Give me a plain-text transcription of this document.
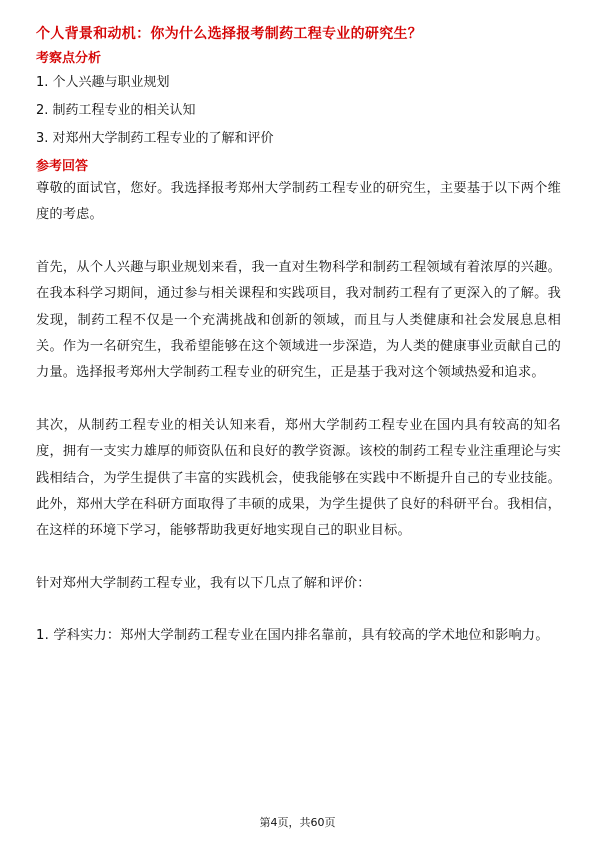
个人背景和动机：你为什么选择报考制药工程专业的研究生？
考察点分析
1. 个人兴趣与职业规划
2. 制药工程专业的相关认知
3. 对郑州大学制药工程专业的了解和评价
参考回答

尊敬的面试官，您好。我选择报考郑州大学制药工程专业的研究生，主要基于以下两个维度的考虑。

首先，从个人兴趣与职业规划来看，我一直对生物科学和制药工程领域有着浓厚的兴趣。在我本科学习期间，通过参与相关课程和实践项目，我对制药工程有了更深入的了解。我发现，制药工程不仅是一个充满挑战和创新的领域，而且与人类健康和社会发展息息相关。作为一名研究生，我希望能够在这个领域进一步深造，为人类的健康事业贡献自己的力量。选择报考郑州大学制药工程专业的研究生，正是基于我对这个领域热爱和追求。

其次，从制药工程专业的相关认知来看，郑州大学制药工程专业在国内具有较高的知名度，拥有一支实力雄厚的师资队伍和良好的教学资源。该校的制药工程专业注重理论与实践相结合，为学生提供了丰富的实践机会，使我能够在实践中不断提升自己的专业技能。此外，郑州大学在科研方面取得了丰硕的成果，为学生提供了良好的科研平台。我相信，在这样的环境下学习，能够帮助我更好地实现自己的职业目标。

针对郑州大学制药工程专业，我有以下几点了解和评价：

1. 学科实力：郑州大学制药工程专业在国内排名靠前，具有较高的学术地位和影响力。

第4页，共60页
